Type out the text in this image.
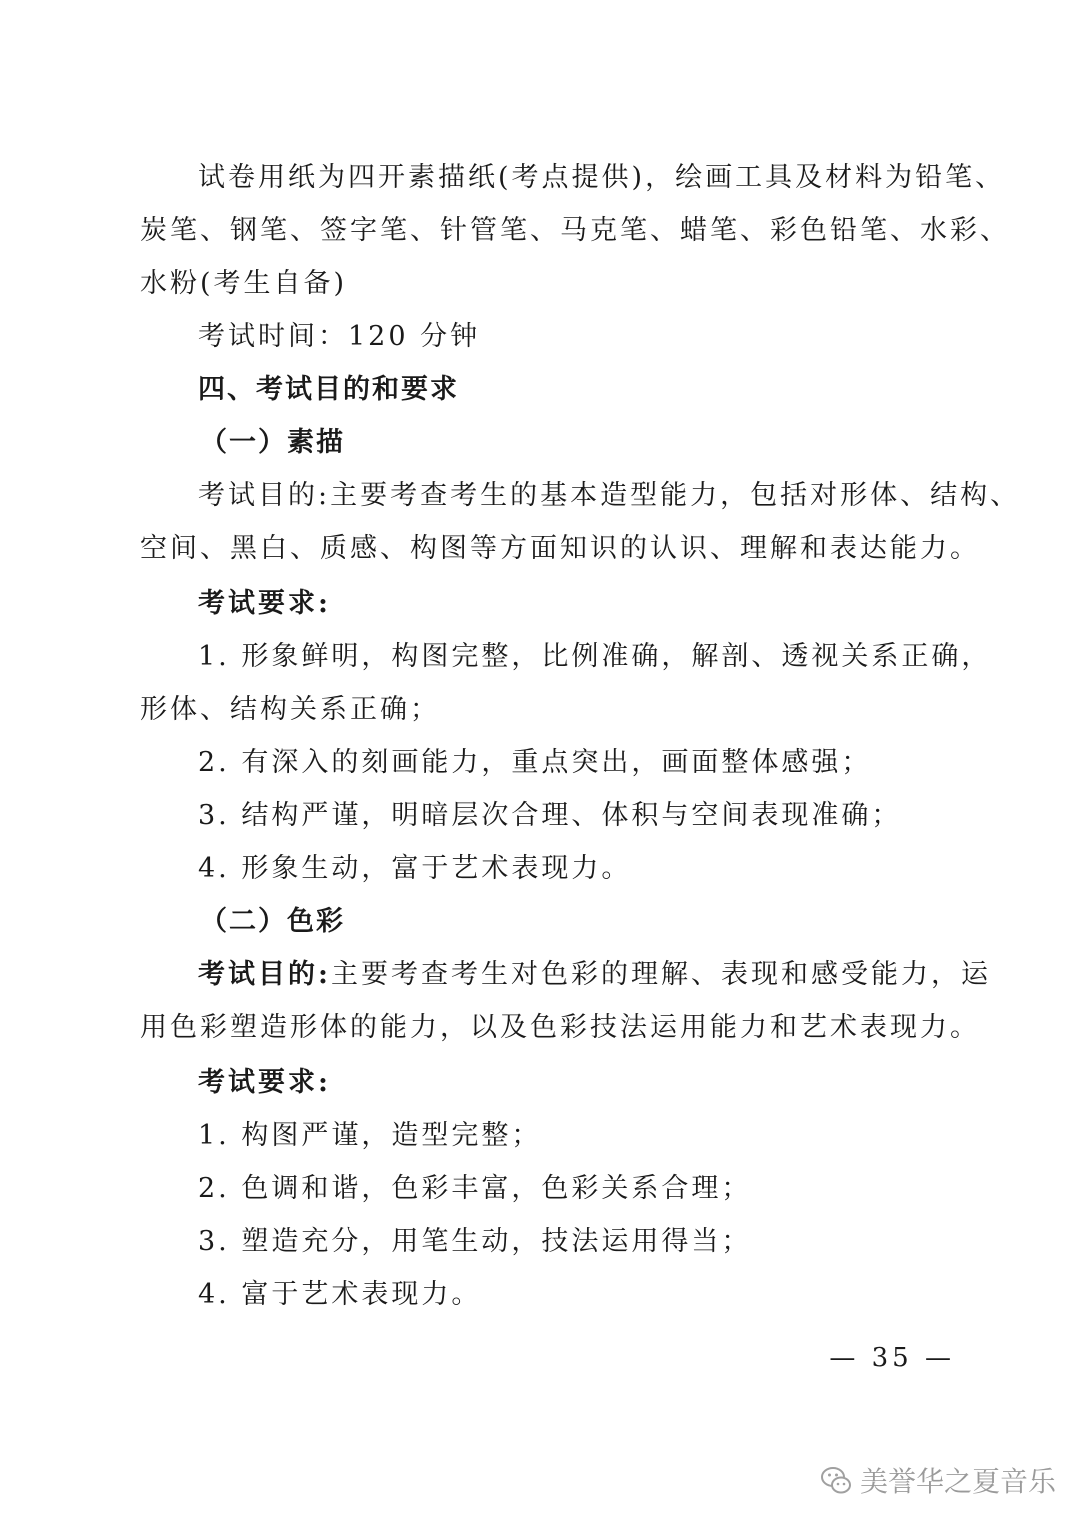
试卷用纸为四开素描纸(考点提供)，绘画工具及材料为铅笔、
炭笔、钢笔、签字笔、针管笔、马克笔、蜡笔、彩色铅笔、水彩、
水粉(考生自备)
考试时间：120 分钟
四、考试目的和要求
（一）素描
考试目的:主要考查考生的基本造型能力，包括对形体、结构、
空间、黑白、质感、构图等方面知识的认识、理解和表达能力。
考试要求:
1. 形象鲜明，构图完整，比例准确，解剖、透视关系正确，
形体、结构关系正确；
2. 有深入的刻画能力，重点突出，画面整体感强；
3. 结构严谨，明暗层次合理、体积与空间表现准确；
4. 形象生动，富于艺术表现力。
（二）色彩
考试目的:主要考查考生对色彩的理解、表现和感受能力，运
用色彩塑造形体的能力，以及色彩技法运用能力和艺术表现力。
考试要求:
1. 构图严谨，造型完整；
2. 色调和谐，色彩丰富，色彩关系合理；
3. 塑造充分，用笔生动，技法运用得当；
4. 富于艺术表现力。
— 35 —
美誉华之夏音乐
